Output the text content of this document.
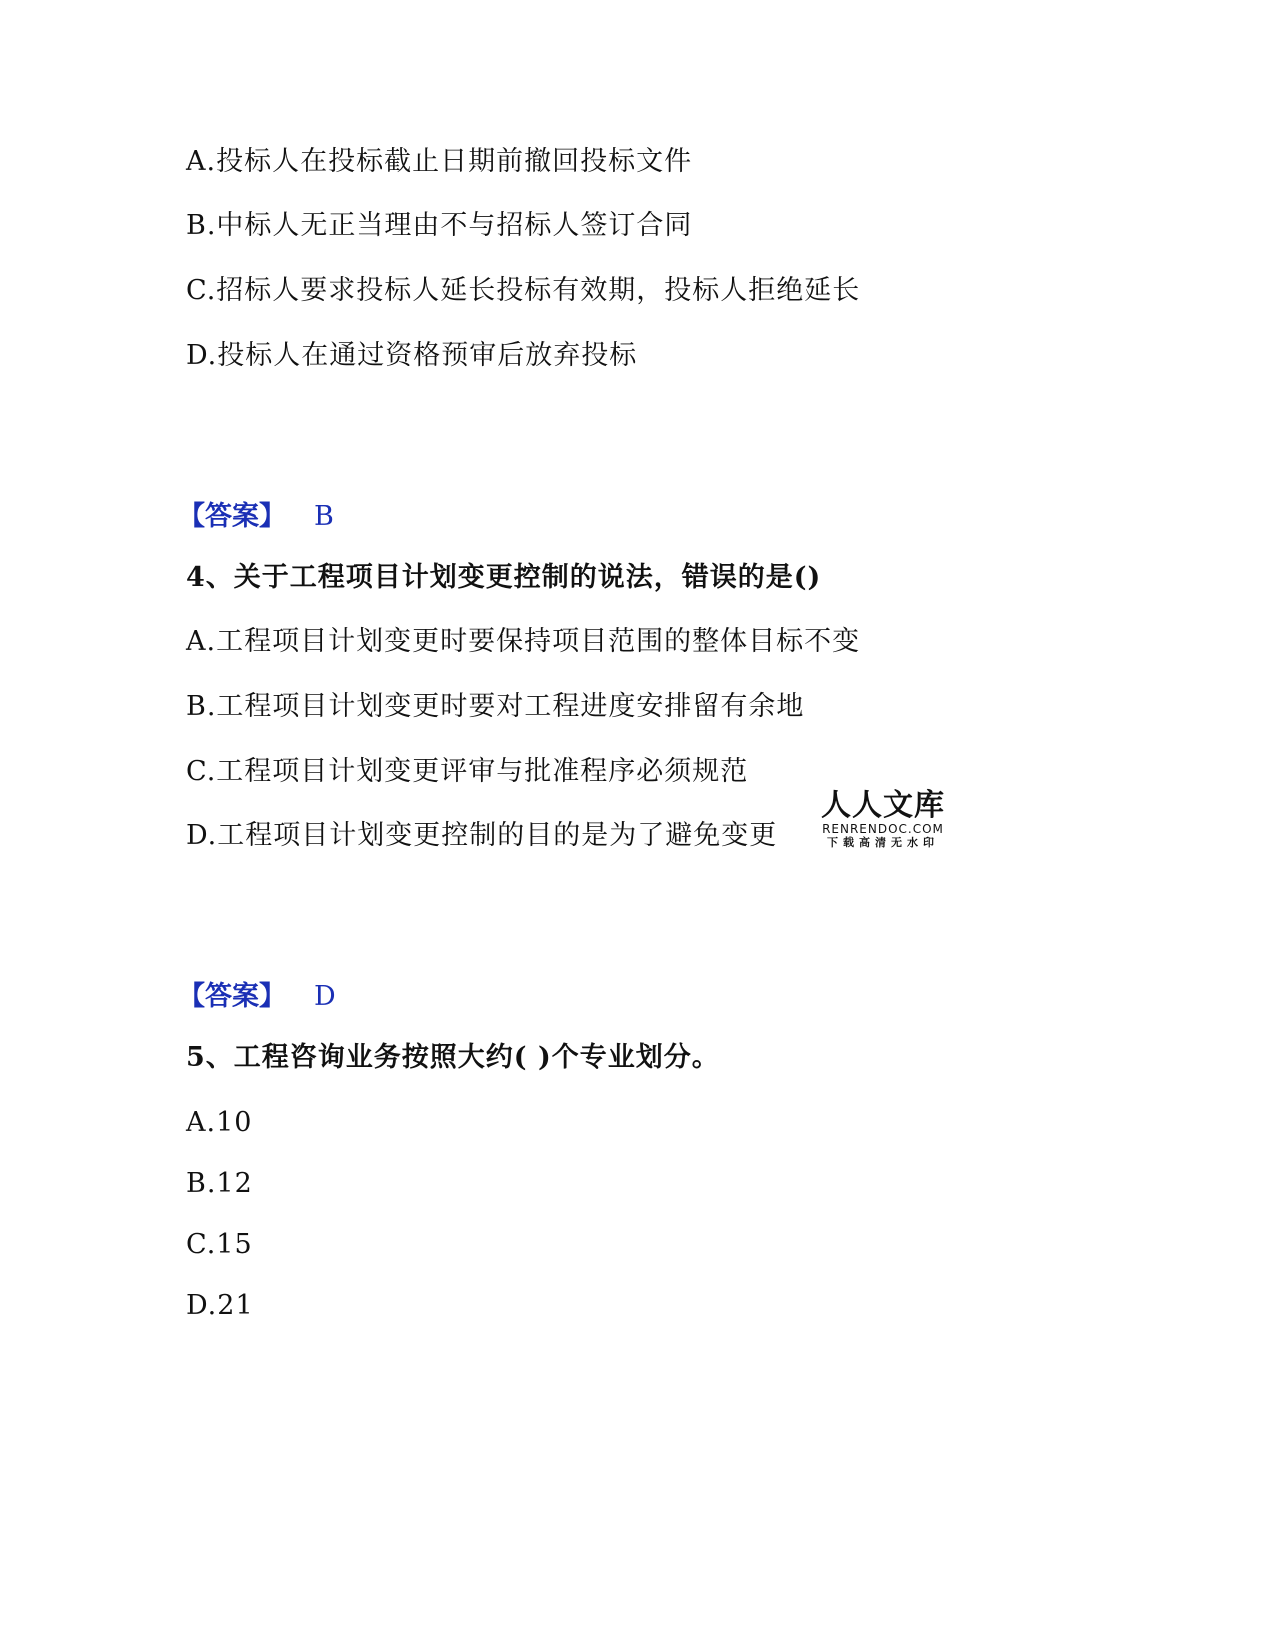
A.投标人在投标截止日期前撤回投标文件
B.中标人无正当理由不与招标人签订合同
C.招标人要求投标人延长投标有效期，投标人拒绝延长
D.投标人在通过资格预审后放弃投标
【答案】 B
4、关于工程项目计划变更控制的说法，错误的是()
A.工程项目计划变更时要保持项目范围的整体目标不变
B.工程项目计划变更时要对工程进度安排留有余地
C.工程项目计划变更评审与批准程序必须规范
D.工程项目计划变更控制的目的是为了避免变更
人人文库
RENRENDOC.COM
下载高清无水印
【答案】 D
5、工程咨询业务按照大约( )个专业划分。
A.10
B.12
C.15
D.21
